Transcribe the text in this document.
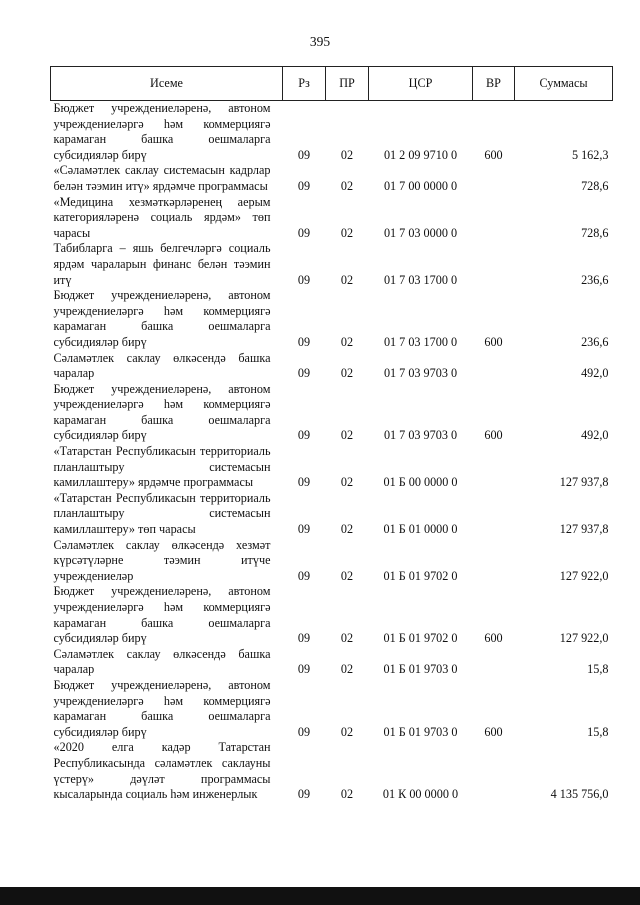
395
Исеме	Рз	ПР	ЦСР	ВР	Суммасы
Бюджет учреждениеләренә, автоном учреждениеләргә һәм коммерциягә карамаган башка оешмаларга субсидияләр бирү	09	02	01 2 09 9710 0	600	5 162,3
«Сәламәтлек саклау системасын кадрлар белән тәэмин итү» ярдәмче программасы	09	02	01 7 00 0000 0		728,6
«Медицина хезмәткәрләренең аерым категорияләренә социаль ярдәм» төп чарасы	09	02	01 7 03 0000 0		728,6
Табибларга – яшь белгечләргә социаль ярдәм чараларын финанс белән тәэмин итү	09	02	01 7 03 1700 0		236,6
Бюджет учреждениеләренә, автоном учреждениеләргә һәм коммерциягә карамаган башка оешмаларга субсидияләр бирү	09	02	01 7 03 1700 0	600	236,6
Сәламәтлек саклау өлкәсендә башка чаралар	09	02	01 7 03 9703 0		492,0
Бюджет учреждениеләренә, автоном учреждениеләргә һәм коммерциягә карамаган башка оешмаларга субсидияләр бирү	09	02	01 7 03 9703 0	600	492,0
«Татарстан Республикасын территориаль планлаштыру системасын камиллаштеру» ярдәмче программасы	09	02	01 Б 00 0000 0		127 937,8
«Татарстан Республикасын территориаль планлаштыру системасын камиллаштеру» төп чарасы	09	02	01 Б 01 0000 0		127 937,8
Сәламәтлек саклау өлкәсендә хезмәт күрсәтүләрне тәэмин итүче учреждениеләр	09	02	01 Б 01 9702 0		127 922,0
Бюджет учреждениеләренә, автоном учреждениеләргә һәм коммерциягә карамаган башка оешмаларга субсидияләр бирү	09	02	01 Б 01 9702 0	600	127 922,0
Сәламәтлек саклау өлкәсендә башка чаралар	09	02	01 Б 01 9703 0		15,8
Бюджет учреждениеләренә, автоном учреждениеләргә һәм коммерциягә карамаган башка оешмаларга субсидияләр бирү	09	02	01 Б 01 9703 0	600	15,8
«2020 елга кадәр Татарстан Республикасында сәламәтлек саклауны үстерү» дәүләт программасы кысаларында социаль һәм инженерлык	09	02	01 К 00 0000 0		4 135 756,0
